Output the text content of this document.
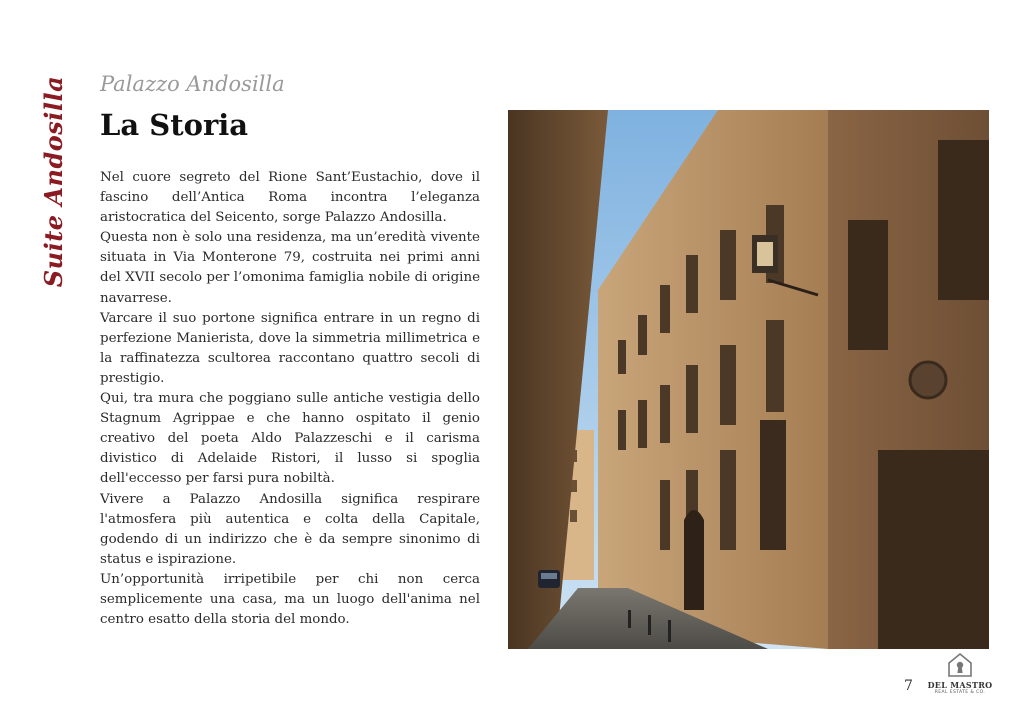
Suite Andosilla Palazzo Andosilla
La Storia

Nel cuore segreto del Rione Sant’Eustachio, dove il fascino dell’Antica Roma incontra l’eleganza aristocratica del Seicento, sorge Palazzo Andosilla.

Questa non è solo una residenza, ma un’eredità vivente situata in Via Monterone 79, costruita nei primi anni del XVII secolo per l’omonima famiglia nobile di origine navarrese.

Varcare il suo portone significa entrare in un regno di perfezione Manierista, dove la simmetria millimetrica e la raffinatezza scultorea raccontano quattro secoli di prestigio.

Qui, tra mura che poggiano sulle antiche vestigia dello Stagnum Agrippae e che hanno ospitato il genio creativo del poeta Aldo Palazzeschi e il carisma divistico di Adelaide Ristori, il lusso si spoglia dell'eccesso per farsi pura nobiltà.

Vivere a Palazzo Andosilla significa respirare l'atmosfera più autentica e colta della Capitale, godendo di un indirizzo che è da sempre sinonimo di status e ispirazione.

Un’opportunità irripetibile per chi non cerca semplicemente una casa, ma un luogo dell'anima nel centro esatto della storia del mondo.

7 DEL MASTRO
REAL ESTATE & CO.
